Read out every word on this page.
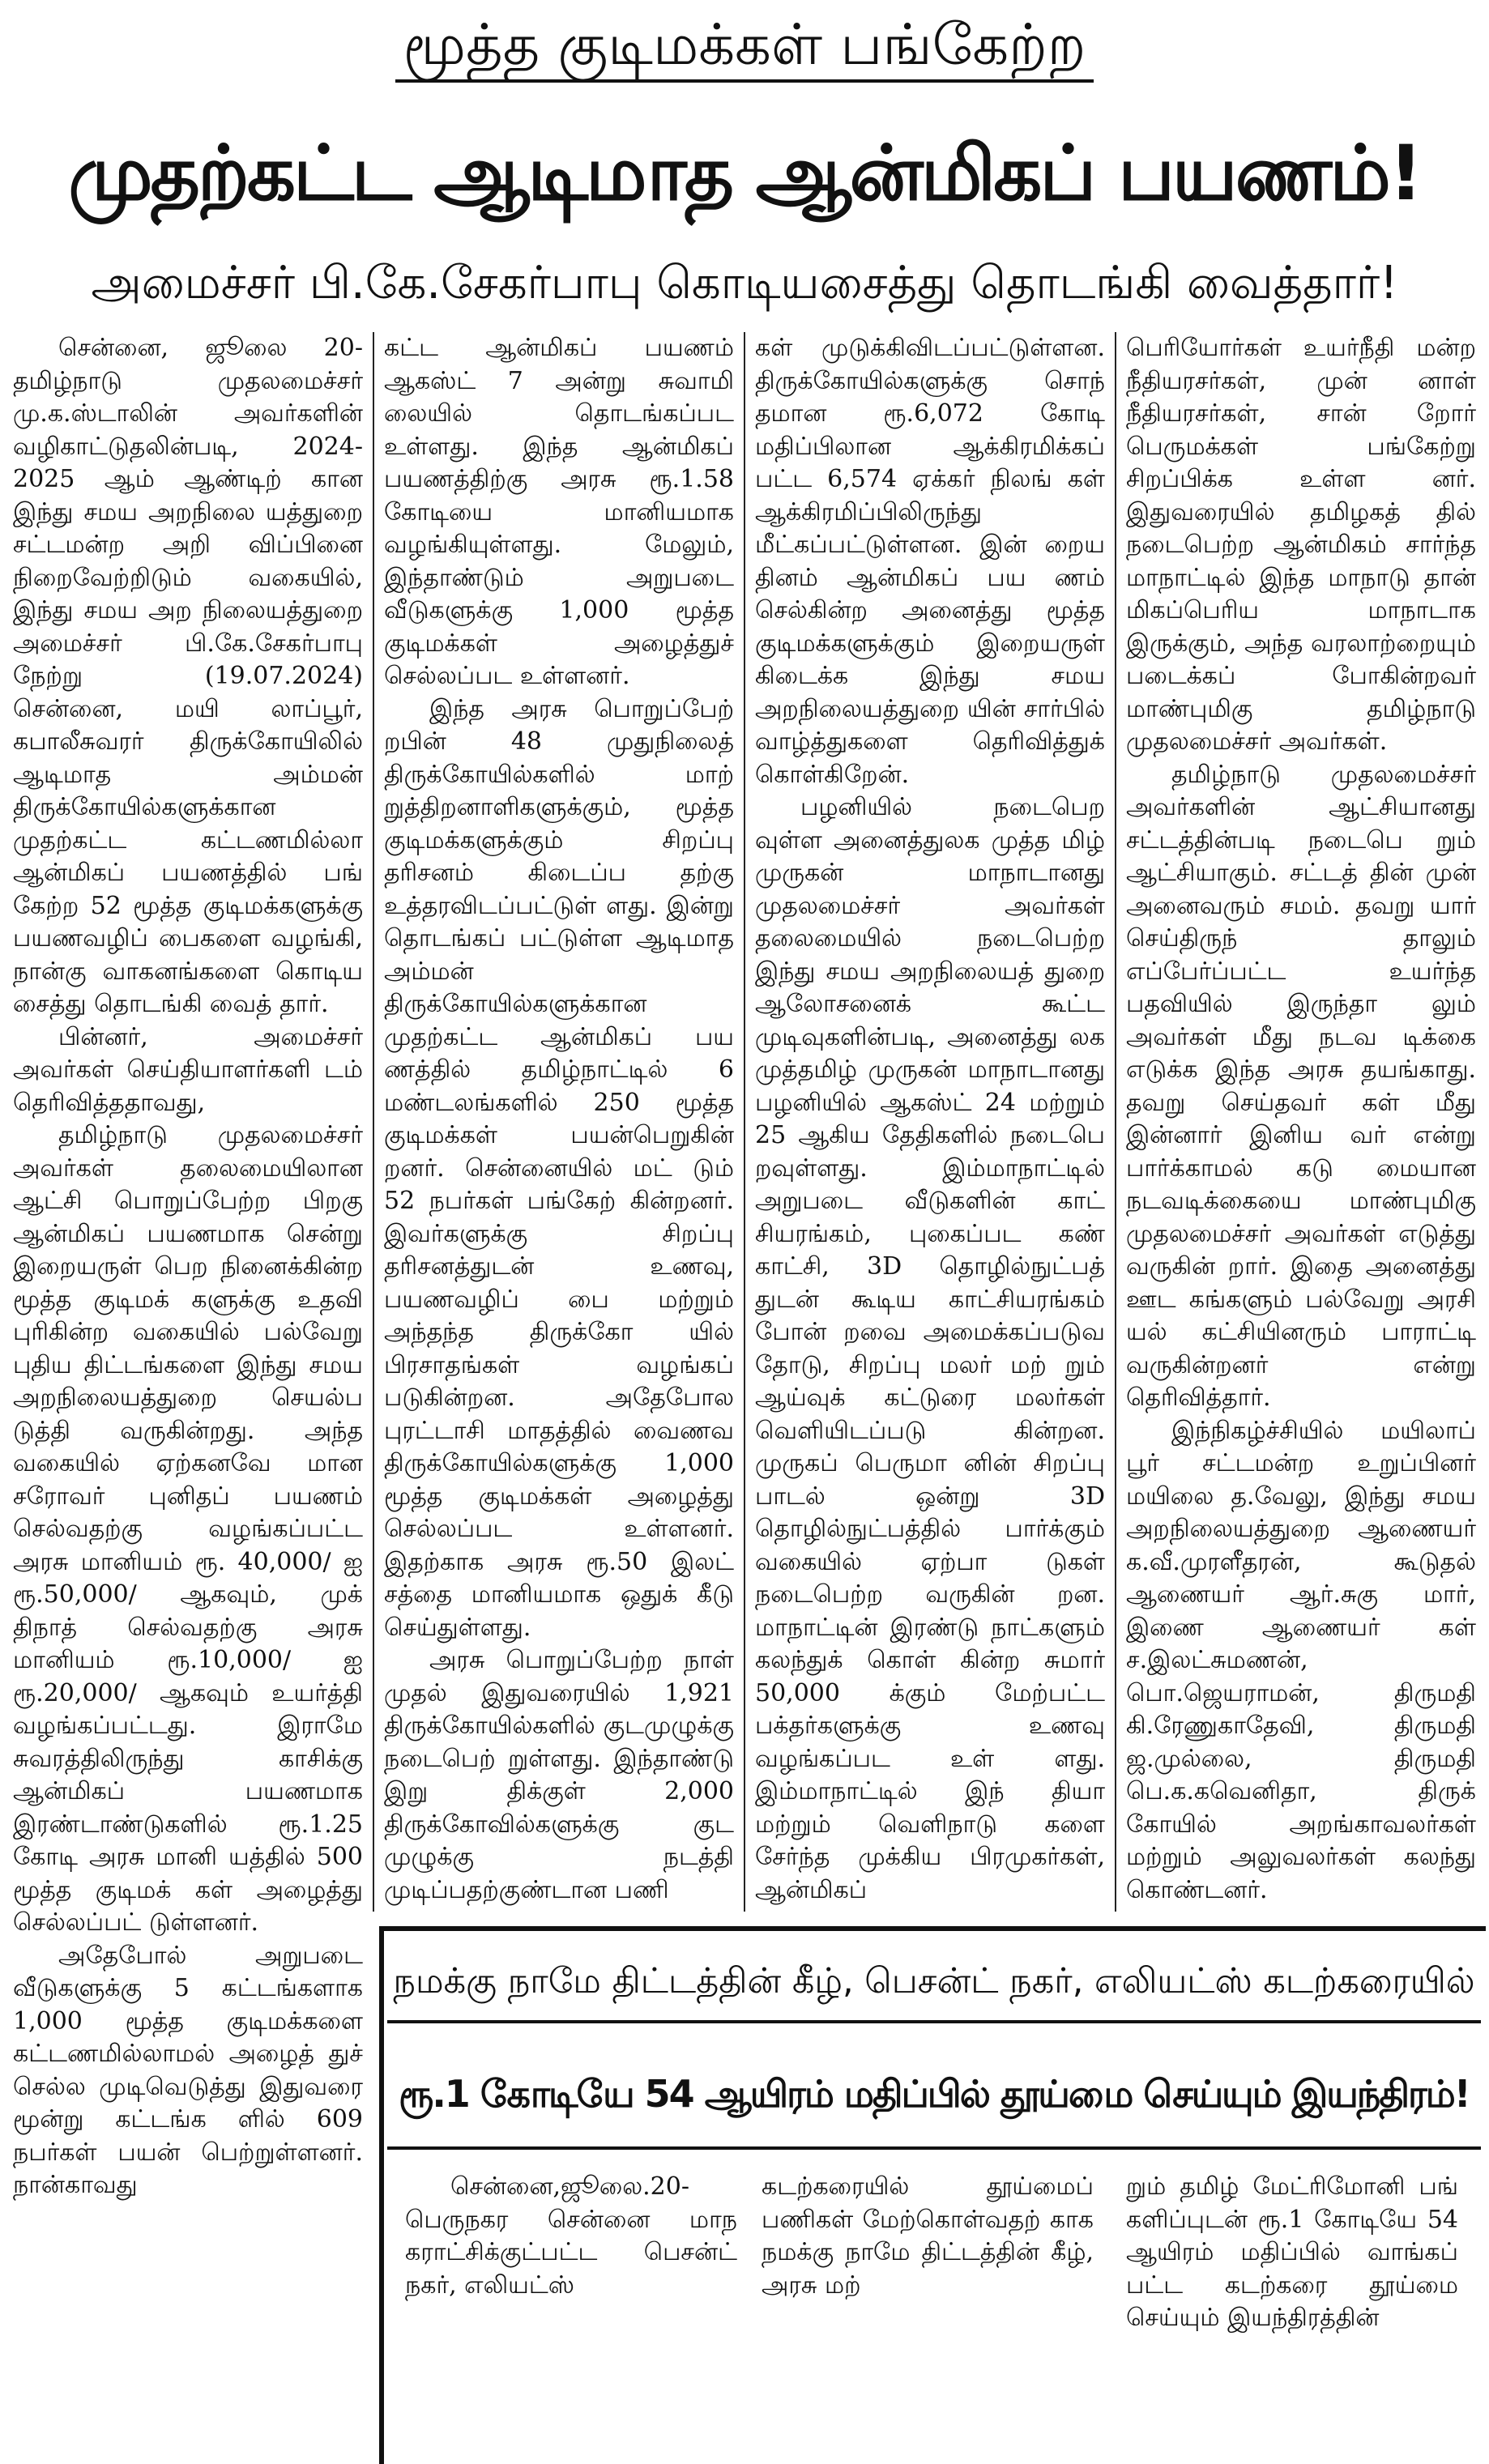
மூத்த குடிமக்கள் பங்கேற்ற
முதற்கட்ட ஆடிமாத ஆன்மிகப் பயணம்!
அமைச்சர் பி.கே.சேகர்பாபு கொடியசைத்து தொடங்கி வைத்தார்!

சென்னை, ஜூலை 20- தமிழ்நாடு முதலமைச்சர் மு.க.ஸ்டாலின் அவர்களின் வழிகாட்டுதலின்படி, 2024-2025 ஆம் ஆண்டிற் கான இந்து சமய அறநிலை யத்துறை சட்டமன்ற அறி விப்பினை நிறைவேற்றிடும் வகையில், இந்து சமய அற நிலையத்துறை அமைச்சர் பி.கே.சேகர்பாபு நேற்று (19.07.2024) சென்னை, மயி லாப்பூர், கபாலீசுவரர் திருக்கோயிலில் ஆடிமாத அம்மன் திருக்கோயில்களுக்கான முதற்கட்ட கட்டணமில்லா ஆன்மிகப் பயணத்தில் பங் கேற்ற 52 மூத்த குடிமக்களுக்கு பயணவழிப் பைகளை வழங்கி, நான்கு வாகனங்களை கொடிய சைத்து தொடங்கி வைத் தார்.

பின்னர், அமைச்சர் அவர்கள் செய்தியாளர்களி டம் தெரிவித்ததாவது,

தமிழ்நாடு முதலமைச்சர் அவர்கள் தலைமையிலான ஆட்சி பொறுப்பேற்ற பிறகு ஆன்மிகப் பயணமாக சென்று இறையருள் பெற நினைக்கின்ற மூத்த குடிமக் களுக்கு உதவி புரிகின்ற வகையில் பல்வேறு புதிய திட்டங்களை இந்து சமய அறநிலையத்துறை செயல்ப டுத்தி வருகின்றது. அந்த வகையில் ஏற்கனவே மான சரோவர் புனிதப் பயணம் செல்வதற்கு வழங்கப்பட்ட அரசு மானியம் ரூ. 40,000/ ஐ ரூ.50,000/ ஆகவும், முக் திநாத் செல்வதற்கு அரசு மானியம் ரூ.10,000/ ஐ ரூ.20,000/ ஆகவும் உயர்த்தி வழங்கப்பட்டது. இராமே சுவரத்திலிருந்து காசிக்கு ஆன்மிகப் பயணமாக இரண்டாண்டுகளில் ரூ.1.25 கோடி அரசு மானி யத்தில் 500 மூத்த குடிமக் கள் அழைத்து செல்லப்பட் டுள்ளனர்.

அதேபோல் அறுபடை வீடுகளுக்கு 5 கட்டங்களாக 1,000 மூத்த குடிமக்களை கட்டணமில்லாமல் அழைத் துச் செல்ல முடிவெடுத்து இதுவரை மூன்று கட்டங்க ளில் 609 நபர்கள் பயன் பெற்றுள்ளனர். நான்காவது

கட்ட ஆன்மிகப் பயணம் ஆகஸ்ட் 7 அன்று சுவாமி லையில் தொடங்கப்பட உள்ளது. இந்த ஆன்மிகப் பயணத்திற்கு அரசு ரூ.1.58 கோடியை மானியமாக வழங்கியுள்ளது. மேலும், இந்தாண்டும் அறுபடை வீடுகளுக்கு 1,000 மூத்த குடிமக்கள் அழைத்துச் செல்லப்பட உள்ளனர்.

இந்த அரசு பொறுப்பேற் றபின் 48 முதுநிலைத் திருக்கோயில்களில் மாற் றுத்திறனாளிகளுக்கும், மூத்த குடிமக்களுக்கும் சிறப்பு தரிசனம் கிடைப்ப தற்கு உத்தரவிடப்பட்டுள் ளது. இன்று தொடங்கப் பட்டுள்ள ஆடிமாத அம்மன் திருக்கோயில்களுக்கான முதற்கட்ட ஆன்மிகப் பய ணத்தில் தமிழ்நாட்டில் 6 மண்டலங்களில் 250 மூத்த குடிமக்கள் பயன்பெறுகின் றனர். சென்னையில் மட் டும் 52 நபர்கள் பங்கேற் கின்றனர். இவர்களுக்கு சிறப்பு தரிசனத்துடன் உணவு, பயணவழிப் பை மற்றும் அந்தந்த திருக்கோ யில் பிரசாதங்கள் வழங்கப் படுகின்றன. அதேபோல புரட்டாசி மாதத்தில் வைணவ திருக்கோயில்களுக்கு 1,000 மூத்த குடிமக்கள் அழைத்து செல்லப்பட உள்ளனர். இதற்காக அரசு ரூ.50 இலட் சத்தை மானியமாக ஒதுக் கீடு செய்துள்ளது.

அரசு பொறுப்பேற்ற நாள் முதல் இதுவரையில் 1,921 திருக்கோயில்களில் குடமுழுக்கு நடைபெற் றுள்ளது. இந்தாண்டு இறு திக்குள் 2,000 திருக்கோவில்களுக்கு குட முழுக்கு நடத்தி முடிப்பதற்குண்டான பணி

கள் முடுக்கிவிடப்பட்டுள்ளன. திருக்கோயில்களுக்கு சொந் தமான ரூ.6,072 கோடி மதிப்பிலான ஆக்கிரமிக்கப் பட்ட 6,574 ஏக்கர் நிலங் கள் ஆக்கிரமிப்பிலிருந்து மீட்கப்பட்டுள்ளன. இன் றைய தினம் ஆன்மிகப் பய ணம் செல்கின்ற அனைத்து மூத்த குடிமக்களுக்கும் இறையருள் கிடைக்க இந்து சமய அறநிலையத்துறை யின் சார்பில் வாழ்த்துகளை தெரிவித்துக் கொள்கிறேன்.

பழனியில் நடைபெற வுள்ள அனைத்துலக முத்த மிழ் முருகன் மாநாடானது முதலமைச்சர் அவர்கள் தலைமையில் நடைபெற்ற இந்து சமய அறநிலையத் துறை ஆலோசனைக் கூட்ட முடிவுகளின்படி, அனைத்து லக முத்தமிழ் முருகன் மாநாடானது பழனியில் ஆகஸ்ட் 24 மற்றும் 25 ஆகிய தேதிகளில் நடைபெ றவுள்ளது. இம்மாநாட்டில் அறுபடை வீடுகளின் காட் சியரங்கம், புகைப்பட கண் காட்சி, 3D தொழில்நுட்பத் துடன் கூடிய காட்சியரங்கம் போன் றவை அமைக்கப்படுவ தோடு, சிறப்பு மலர் மற் றும் ஆய்வுக் கட்டுரை மலர்கள் வெளியிடப்படு கின்றன. முருகப் பெருமா னின் சிறப்பு பாடல் ஒன்று 3D தொழில்நுட்பத்தில் பார்க்கும் வகையில் ஏற்பா டுகள் நடைபெற்ற வருகின் றன. மாநாட்டின் இரண்டு நாட்களும் கலந்துக் கொள் கின்ற சுமார் 50,000 க்கும் மேற்பட்ட பக்தர்களுக்கு உணவு வழங்கப்பட உள் ளது. இம்மாநாட்டில் இந் தியா மற்றும் வெளிநாடு களை சேர்ந்த முக்கிய பிரமுகர்கள், ஆன்மிகப்

பெரியோர்கள் உயர்நீதி மன்ற நீதியரசர்கள், முன் னாள் நீதியரசர்கள், சான் றோர் பெருமக்கள் பங்கேற்று சிறப்பிக்க உள்ள னர். இதுவரையில் தமிழகத் தில் நடைபெற்ற ஆன்மிகம் சார்ந்த மாநாட்டில் இந்த மாநாடு தான் மிகப்பெரிய மாநாடாக இருக்கும், அந்த வரலாற்றையும் படைக்கப் போகின்றவர் மாண்புமிகு தமிழ்நாடு முதலமைச்சர் அவர்கள்.

தமிழ்நாடு முதலமைச்சர் அவர்களின் ஆட்சியானது சட்டத்தின்படி நடைபெ றும் ஆட்சியாகும். சட்டத் தின் முன் அனைவரும் சமம். தவறு யார் செய்திருந் தாலும் எப்பேர்ப்பட்ட உயர்ந்த பதவியில் இருந்தா லும் அவர்கள் மீது நடவ டிக்கை எடுக்க இந்த அரசு தயங்காது. தவறு செய்தவர் கள் மீது இன்னார் இனிய வர் என்று பார்க்காமல் கடு மையான நடவடிக்கையை மாண்புமிகு முதலமைச்சர் அவர்கள் எடுத்து வருகின் றார். இதை அனைத்து ஊட கங்களும் பல்வேறு அரசி யல் கட்சியினரும் பாராட்டி வருகின்றனர் என்று தெரிவித்தார்.

இந்நிகழ்ச்சியில் மயிலாப் பூர் சட்டமன்ற உறுப்பினர் மயிலை த.வேலு, இந்து சமய அறநிலையத்துறை ஆணையர் க.வீ.முரளீதரன், கூடுதல் ஆணையர் ஆர்.சுகு மார், இணை ஆணையர் கள் ச.இலட்சுமணன், பொ.ஜெயராமன், திருமதி கி.ரேணுகாதேவி, திருமதி ஜ.முல்லை, திருமதி பெ.க.கவெனிதா, திருக் கோயில் அறங்காவலர்கள் மற்றும் அலுவலர்கள் கலந்து கொண்டனர்.

நமக்கு நாமே திட்டத்தின் கீழ், பெசன்ட் நகர், எலியட்ஸ் கடற்கரையில்
ரூ.1 கோடியே 54 ஆயிரம் மதிப்பில் தூய்மை செய்யும் இயந்திரம்!

சென்னை,ஜூலை.20- பெருநகர சென்னை மாந கராட்சிக்குட்பட்ட பெசன்ட் நகர், எலியட்ஸ்

கடற்கரையில் தூய்மைப் பணிகள் மேற்கொள்வதற் காக நமக்கு நாமே திட்டத்தின் கீழ், அரசு மற்

றும் தமிழ் மேட்ரிமோனி பங் களிப்புடன் ரூ.1 கோடியே 54 ஆயிரம் மதிப்பில் வாங்கப் பட்ட கடற்கரை தூய்மை செய்யும் இயந்திரத்தின்
